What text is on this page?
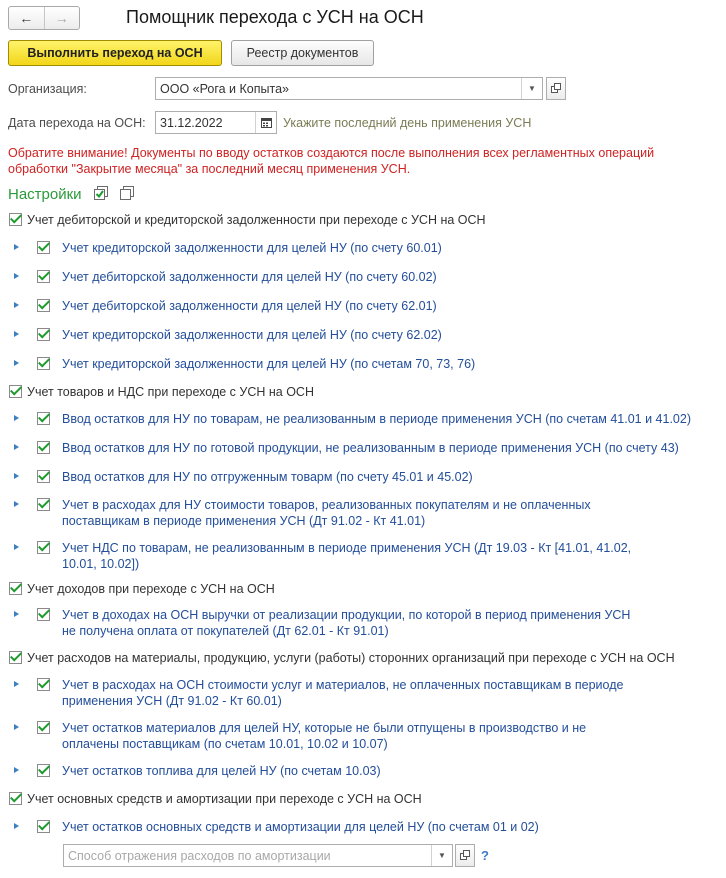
←	→	Помощник перехода с УСН на ОСН
Выполнить переход на ОСН	Реестр документов
Организация:	ООО «Рога и Копыта»	▼
Дата перехода на ОСН:	31.12.2022	Укажите последний день применения УСН
Обратите внимание! Документы по вводу остатков создаются после выполнения всех регламентных операций
обработки "Закрытие месяца" за последний месяц применения УСН.
Настройки
Учет дебиторской и кредиторской задолженности при переходе с УСН на ОСН
Учет кредиторской задолженности для целей НУ (по счету 60.01)
Учет дебиторской задолженности для целей НУ (по счету 60.02)
Учет дебиторской задолженности для целей НУ (по счету 62.01)
Учет кредиторской задолженности для целей НУ (по счету 62.02)
Учет кредиторской задолженности для целей НУ (по счетам 70, 73, 76)
Учет товаров и НДС при переходе с УСН на ОСН
Ввод остатков для НУ по товарам, не реализованным в периоде применения УСН (по счетам 41.01 и 41.02)
Ввод остатков для НУ по готовой продукции, не реализованным в периоде применения УСН (по счету 43)
Ввод остатков для НУ по отгруженным товарм (по счету 45.01 и 45.02)
Учет в расходах для НУ стоимости товаров, реализованных покупателям и не оплаченных
поставщикам в периоде применения УСН (Дт 91.02 - Кт 41.01)
Учет НДС по товарам, не реализованным в периоде применения УСН (Дт 19.03 - Кт [41.01, 41.02,
10.01, 10.02])
Учет доходов при переходе с УСН на ОСН
Учет в доходах на ОСН выручки от реализации продукции, по которой в период применения УСН
не получена оплата от покупателей (Дт 62.01 - Кт 91.01)
Учет расходов на материалы, продукцию, услуги (работы) сторонних организаций при переходе с УСН на ОСН
Учет в расходах на ОСН стоимости услуг и материалов, не оплаченных поставщикам в периоде
применения УСН (Дт 91.02 - Кт 60.01)
Учет остатков материалов для целей НУ, которые не были отпущены в производство и не
оплачены поставщикам (по счетам 10.01, 10.02 и 10.07)
Учет остатков топлива для целей НУ (по счетам 10.03)
Учет основных средств и амортизации при переходе с УСН на ОСН
Учет остатков основных средств и амортизации для целей НУ (по счетам 01 и 02)
Способ отражения расходов по амортизации	▼	?
